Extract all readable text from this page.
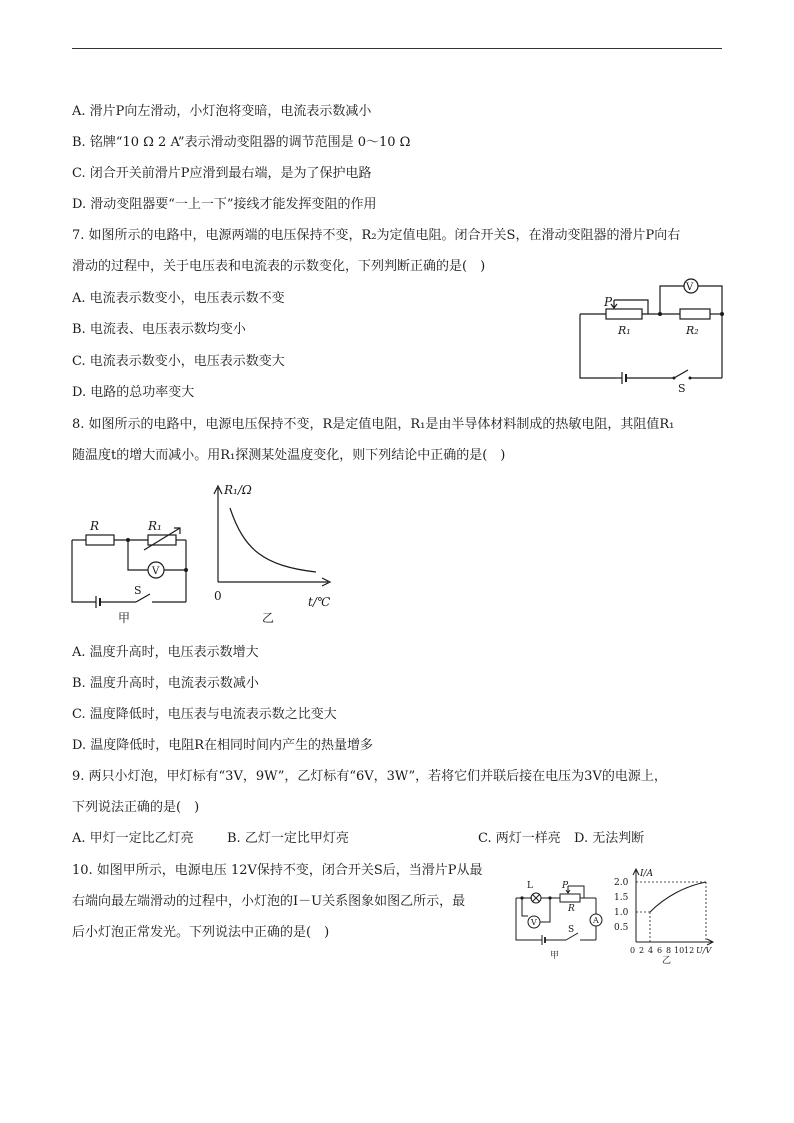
A. 滑片P向左滑动，小灯泡将变暗，电流表示数减小
B. 铭牌“10 Ω 2 A”表示滑动变阻器的调节范围是 0～10 Ω
C. 闭合开关前滑片P应滑到最右端，是为了保护电路
D. 滑动变阻器要“一上一下”接线才能发挥变阻的作用
7. 如图所示的电路中，电源两端的电压保持不变，R₂为定值电阻。闭合开关S，在滑动变阻器的滑片P向右
滑动的过程中，关于电压表和电流表的示数变化，下列判断正确的是(　)
A. 电流表示数变小，电压表示数不变
B. 电流表、电压表示数均变小
C. 电流表示数变小，电压表示数变大
D. 电路的总功率变大
P
R₁	R₂
V
S
8. 如图所示的电路中，电源电压保持不变，R是定值电阻，R₁是由半导体材料制成的热敏电阻，其阻值R₁
随温度t的增大而减小。用R₁探测某处温度变化，则下列结论中正确的是(　)
R	R₁
V
S
甲
R₁/Ω
0	t/℃
乙
A. 温度升高时，电压表示数增大
B. 温度升高时，电流表示数减小
C. 温度降低时，电压表与电流表示数之比变大
D. 温度降低时，电阻R在相同时间内产生的热量增多
9. 两只小灯泡，甲灯标有“3V，9W”，乙灯标有“6V，3W”，若将它们并联后接在电压为3V的电源上，
下列说法正确的是(　)
A. 甲灯一定比乙灯亮	B. 乙灯一定比甲灯亮	C. 两灯一样亮 D. 无法判断
10. 如图甲所示，电源电压 12V保持不变，闭合开关S后，当滑片P从最
右端向最左端滑动的过程中，小灯泡的I－U关系图象如图乙所示，最
后小灯泡正常发光。下列说法中正确的是(　)
L	P
R
V	A
S
甲
I/A
2.0
1.5
1.0
0.5
0 2 4 6 8 10 12 U/V
乙
